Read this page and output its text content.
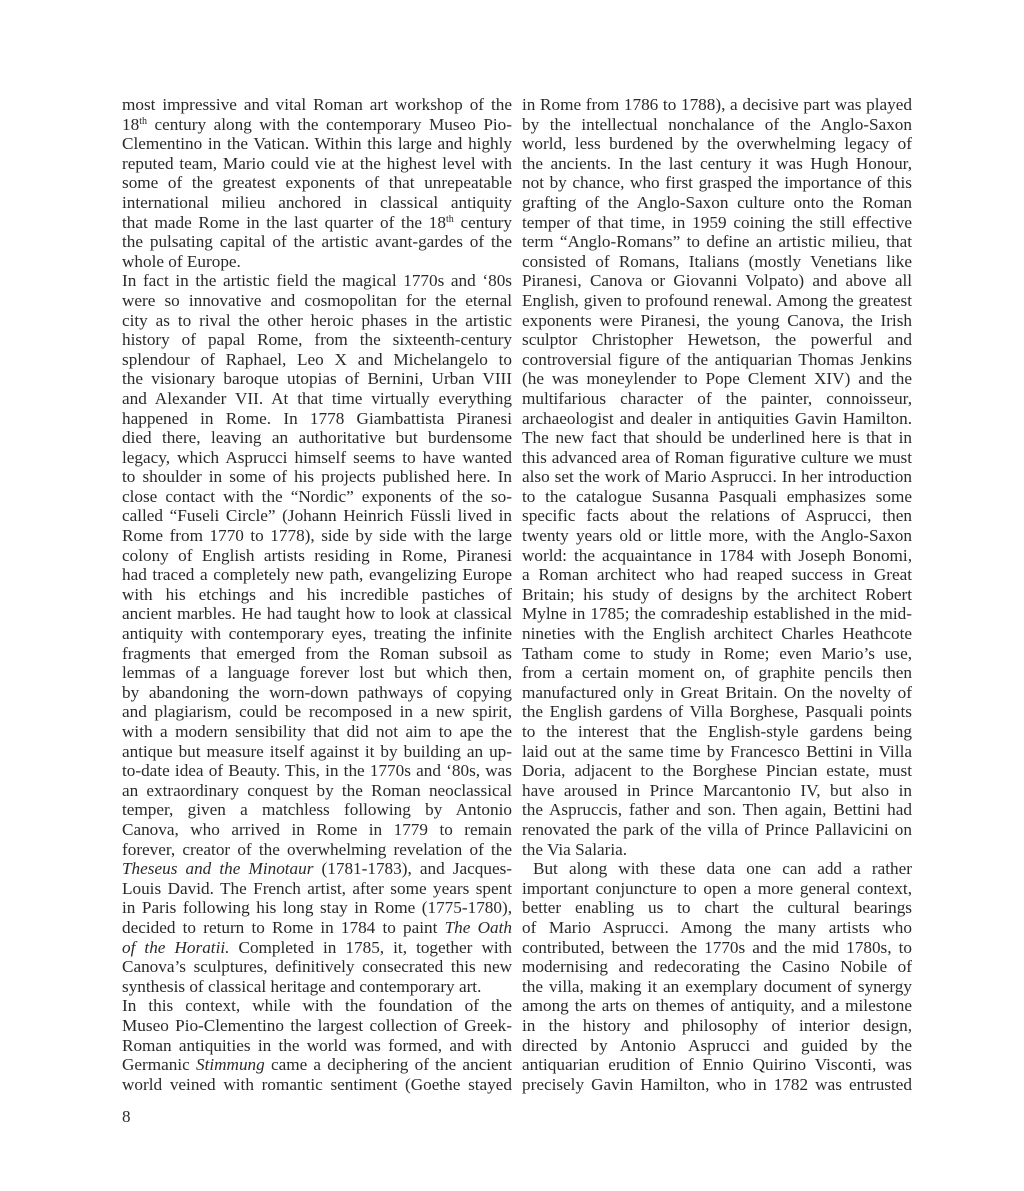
most impressive and vital Roman art workshop of the
18th century along with the contemporary Museo Pio-
Clementino in the Vatican. Within this large and highly
reputed team, Mario could vie at the highest level with
some of the greatest exponents of that unrepeatable
international milieu anchored in classical antiquity
that made Rome in the last quarter of the 18th century
the pulsating capital of the artistic avant-gardes of the
whole of Europe.
In fact in the artistic field the magical 1770s and ‘80s
were so innovative and cosmopolitan for the eternal
city as to rival the other heroic phases in the artistic
history of papal Rome, from the sixteenth-century
splendour of Raphael, Leo X and Michelangelo to
the visionary baroque utopias of Bernini, Urban VIII
and Alexander VII. At that time virtually everything
happened in Rome. In 1778 Giambattista Piranesi
died there, leaving an authoritative but burdensome
legacy, which Asprucci himself seems to have wanted
to shoulder in some of his projects published here. In
close contact with the “Nordic” exponents of the so-
called “Fuseli Circle” (Johann Heinrich Füssli lived in
Rome from 1770 to 1778), side by side with the large
colony of English artists residing in Rome, Piranesi
had traced a completely new path, evangelizing Europe
with his etchings and his incredible pastiches of
ancient marbles. He had taught how to look at classical
antiquity with contemporary eyes, treating the infinite
fragments that emerged from the Roman subsoil as
lemmas of a language forever lost but which then,
by abandoning the worn-down pathways of copying
and plagiarism, could be recomposed in a new spirit,
with a modern sensibility that did not aim to ape the
antique but measure itself against it by building an up-
to-date idea of Beauty. This, in the 1770s and ‘80s, was
an extraordinary conquest by the Roman neoclassical
temper, given a matchless following by Antonio
Canova, who arrived in Rome in 1779 to remain
forever, creator of the overwhelming revelation of the
Theseus and the Minotaur (1781-1783), and Jacques-
Louis David. The French artist, after some years spent
in Paris following his long stay in Rome (1775-1780),
decided to return to Rome in 1784 to paint The Oath
of the Horatii. Completed in 1785, it, together with
Canova’s sculptures, definitively consecrated this new
synthesis of classical heritage and contemporary art.
In this context, while with the foundation of the
Museo Pio-Clementino the largest collection of Greek-
Roman antiquities in the world was formed, and with
Germanic Stimmung came a deciphering of the ancient
world veined with romantic sentiment (Goethe stayed
in Rome from 1786 to 1788), a decisive part was played
by the intellectual nonchalance of the Anglo-Saxon
world, less burdened by the overwhelming legacy of
the ancients. In the last century it was Hugh Honour,
not by chance, who first grasped the importance of this
grafting of the Anglo-Saxon culture onto the Roman
temper of that time, in 1959 coining the still effective
term “Anglo-Romans” to define an artistic milieu, that
consisted of Romans, Italians (mostly Venetians like
Piranesi, Canova or Giovanni Volpato) and above all
English, given to profound renewal. Among the greatest
exponents were Piranesi, the young Canova, the Irish
sculptor Christopher Hewetson, the powerful and
controversial figure of the antiquarian Thomas Jenkins
(he was moneylender to Pope Clement XIV) and the
multifarious character of the painter, connoisseur,
archaeologist and dealer in antiquities Gavin Hamilton.
The new fact that should be underlined here is that in
this advanced area of Roman figurative culture we must
also set the work of Mario Asprucci. In her introduction
to the catalogue Susanna Pasquali emphasizes some
specific facts about the relations of Asprucci, then
twenty years old or little more, with the Anglo-Saxon
world: the acquaintance in 1784 with Joseph Bonomi,
a Roman architect who had reaped success in Great
Britain; his study of designs by the architect Robert
Mylne in 1785; the comradeship established in the mid-
nineties with the English architect Charles Heathcote
Tatham come to study in Rome; even Mario’s use,
from a certain moment on, of graphite pencils then
manufactured only in Great Britain. On the novelty of
the English gardens of Villa Borghese, Pasquali points
to the interest that the English-style gardens being
laid out at the same time by Francesco Bettini in Villa
Doria, adjacent to the Borghese Pincian estate, must
have aroused in Prince Marcantonio IV, but also in
the Aspruccis, father and son. Then again, Bettini had
renovated the park of the villa of Prince Pallavicini on
the Via Salaria.
But along with these data one can add a rather
important conjuncture to open a more general context,
better enabling us to chart the cultural bearings
of Mario Asprucci. Among the many artists who
contributed, between the 1770s and the mid 1780s, to
modernising and redecorating the Casino Nobile of
the villa, making it an exemplary document of synergy
among the arts on themes of antiquity, and a milestone
in the history and philosophy of interior design,
directed by Antonio Asprucci and guided by the
antiquarian erudition of Ennio Quirino Visconti, was
precisely Gavin Hamilton, who in 1782 was entrusted
8
